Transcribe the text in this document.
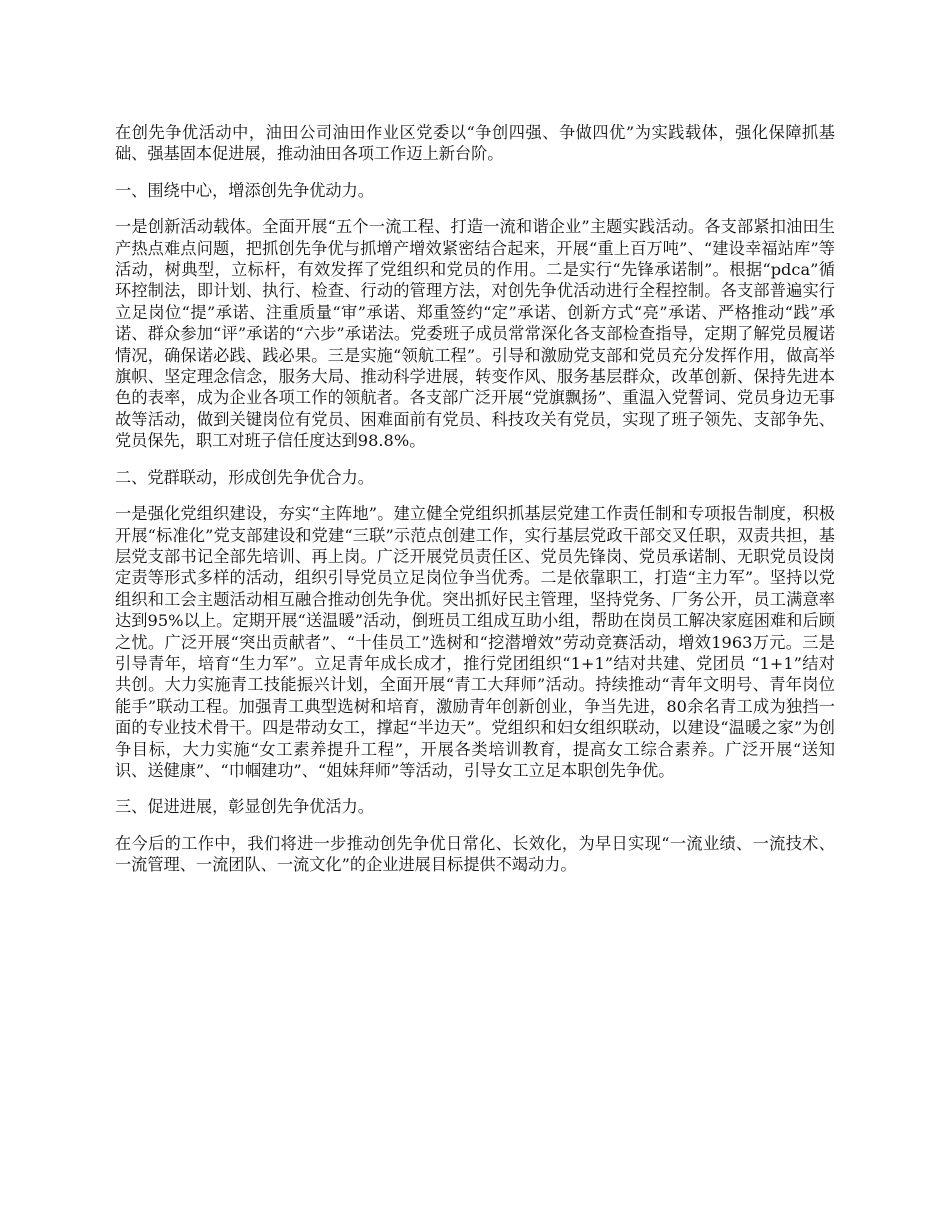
在创先争优活动中，油田公司油田作业区党委以“争创四强、争做四优”为实践载体，强化保障抓基础、强基固本促进展，推动油田各项工作迈上新台阶。

一、围绕中心，增添创先争优动力。

一是创新活动载体。全面开展“五个一流工程、打造一流和谐企业”主题实践活动。各支部紧扣油田生产热点难点问题，把抓创先争优与抓增产增效紧密结合起来，开展“重上百万吨”、“建设幸福站库”等活动，树典型，立标杆，有效发挥了党组织和党员的作用。二是实行“先锋承诺制”。根据“pdca”循环控制法，即计划、执行、检查、行动的管理方法，对创先争优活动进行全程控制。各支部普遍实行立足岗位“提”承诺、注重质量“审”承诺、郑重签约“定”承诺、创新方式“亮”承诺、严格推动“践”承诺、群众参加“评”承诺的“六步”承诺法。党委班子成员常常深化各支部检查指导，定期了解党员履诺情况，确保诺必践、践必果。三是实施“领航工程”。引导和激励党支部和党员充分发挥作用，做高举旗帜、坚定理念信念，服务大局、推动科学进展，转变作风、服务基层群众，改革创新、保持先进本色的表率，成为企业各项工作的领航者。各支部广泛开展“党旗飘扬”、重温入党誓词、党员身边无事故等活动，做到关键岗位有党员、困难面前有党员、科技攻关有党员，实现了班子领先、支部争先、党员保先，职工对班子信任度达到98.8%。

二、党群联动，形成创先争优合力。

一是强化党组织建设，夯实“主阵地”。建立健全党组织抓基层党建工作责任制和专项报告制度，积极开展“标准化”党支部建设和党建“三联”示范点创建工作，实行基层党政干部交叉任职，双责共担，基层党支部书记全部先培训、再上岗。广泛开展党员责任区、党员先锋岗、党员承诺制、无职党员设岗定责等形式多样的活动，组织引导党员立足岗位争当优秀。二是依靠职工，打造“主力军”。坚持以党组织和工会主题活动相互融合推动创先争优。突出抓好民主管理，坚持党务、厂务公开，员工满意率达到95%以上。定期开展“送温暖”活动，倒班员工组成互助小组，帮助在岗员工解决家庭困难和后顾之忧。广泛开展“突出贡献者”、“十佳员工”选树和“挖潜增效”劳动竞赛活动，增效1963万元。三是引导青年，培育“生力军”。立足青年成长成才，推行党团组织“1+1”结对共建、党团员 “1+1”结对共创。大力实施青工技能振兴计划，全面开展“青工大拜师”活动。持续推动“青年文明号、青年岗位能手”联动工程。加强青工典型选树和培育，激励青年创新创业，争当先进，80余名青工成为独挡一面的专业技术骨干。四是带动女工，撑起“半边天”。党组织和妇女组织联动，以建设“温暖之家”为创争目标，大力实施“女工素养提升工程”，开展各类培训教育，提高女工综合素养。广泛开展“送知识、送健康”、“巾帼建功”、“姐妹拜师”等活动，引导女工立足本职创先争优。

三、促进进展，彰显创先争优活力。

在今后的工作中，我们将进一步推动创先争优日常化、长效化，为早日实现“一流业绩、一流技术、一流管理、一流团队、一流文化”的企业进展目标提供不竭动力。
